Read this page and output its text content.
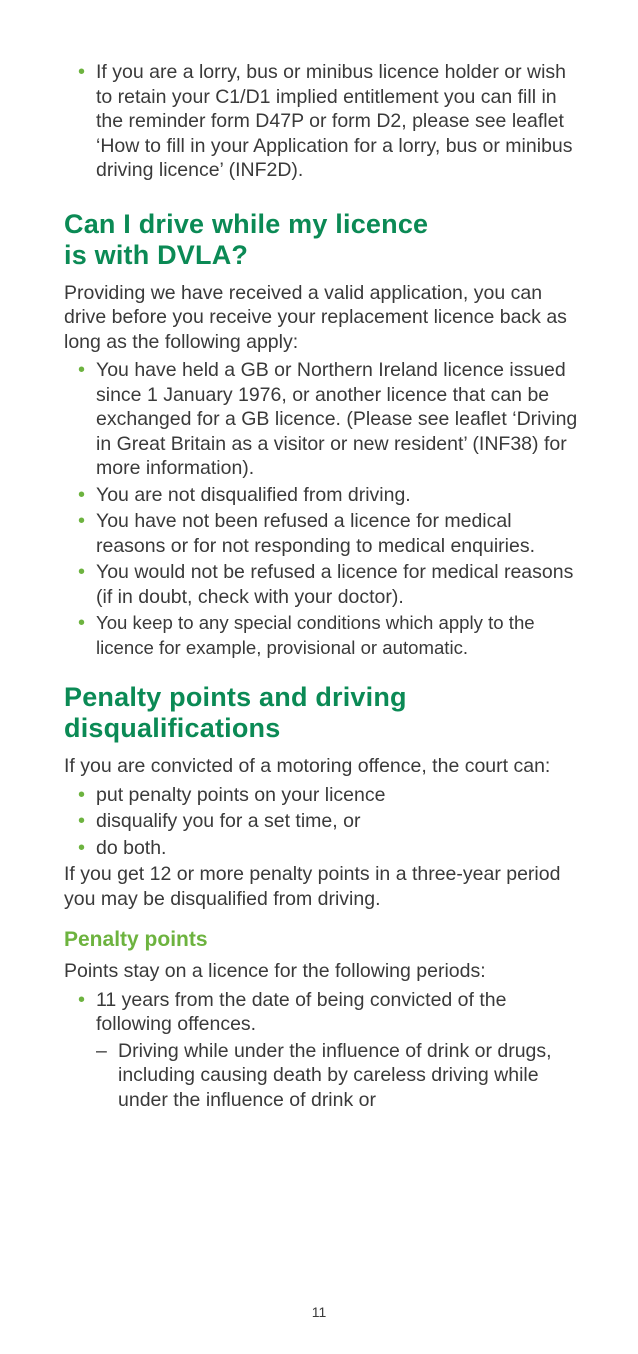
• If you are a lorry, bus or minibus licence holder or wish to retain your C1/D1 implied entitlement you can fill in the reminder form D47P or form D2, please see leaflet ‘How to fill in your Application for a lorry, bus or minibus driving licence’ (INF2D).
Can I drive while my licence
is with DVLA?

Providing we have received a valid application, you can drive before you receive your replacement licence back as long as the following apply:

• You have held a GB or Northern Ireland licence issued since 1 January 1976, or another licence that can be exchanged for a GB licence. (Please see leaflet ‘Driving in Great Britain as a visitor or new resident’ (INF38) for more information).
• You are not disqualified from driving.
• You have not been refused a licence for medical reasons or for not responding to medical enquiries.
• You would not be refused a licence for medical reasons (if in doubt, check with your doctor).
• You keep to any special conditions which apply to the licence for example, provisional or automatic.
Penalty points and driving
disqualifications

If you are convicted of a motoring offence, the court can:

• put penalty points on your licence
• disqualify you for a set time, or
• do both.

If you get 12 or more penalty points in a three-year period you may be disqualified from driving.

Penalty points

Points stay on a licence for the following periods:

• 11 years from the date of being convicted of the following offences.
– Driving while under the influence of drink or drugs, including causing death by careless driving while under the influence of drink or
11
